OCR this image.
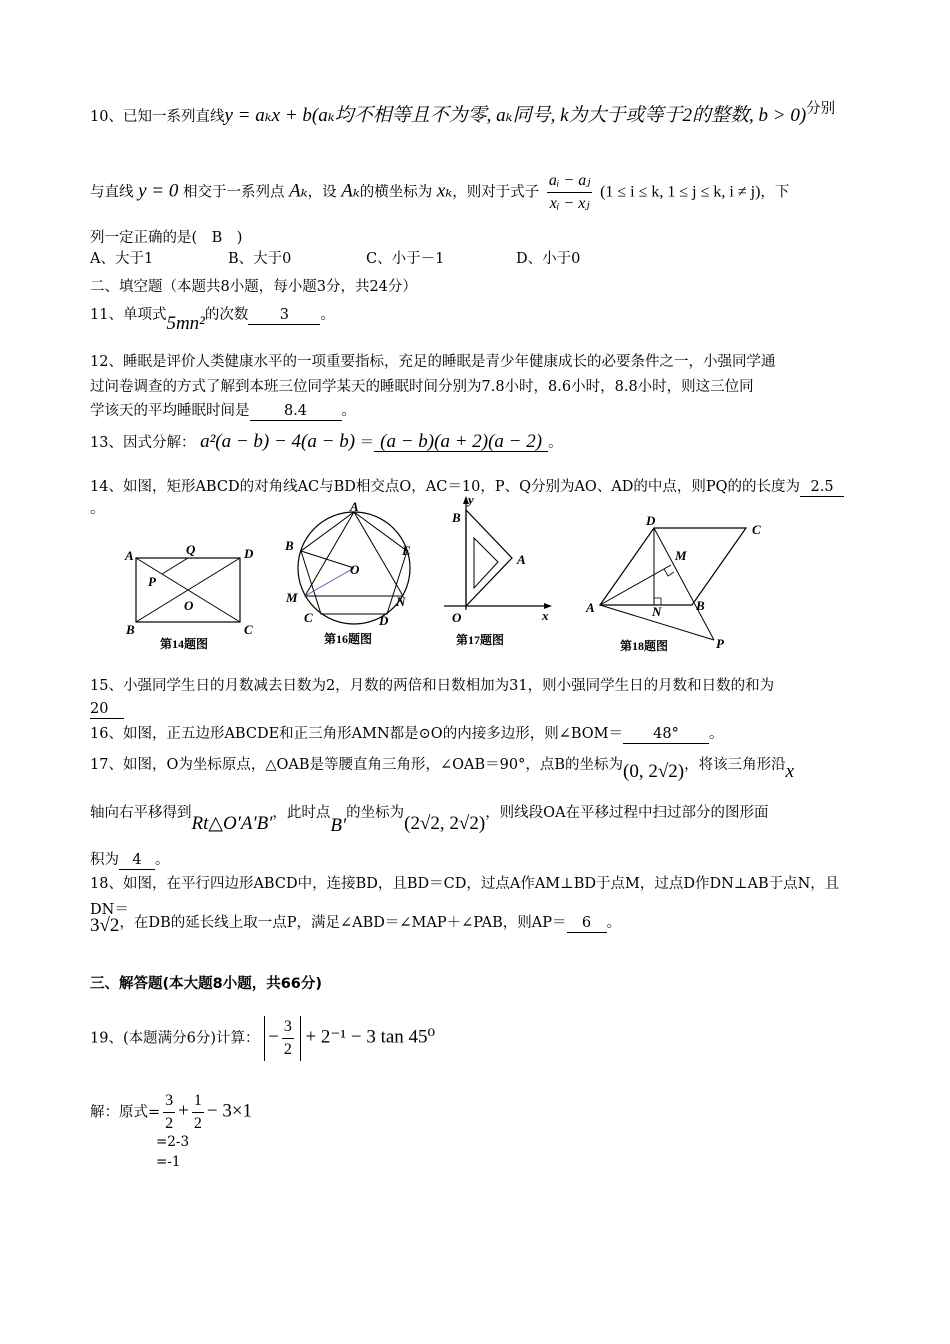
10、已知一系列直线y = aₖx + b(aₖ均不相等且不为零, aₖ同号, k为大于或等于2的整数, b > 0)分别
与直线 y = 0 相交于一系列点 Aₖ，设 Aₖ的横坐标为 xₖ，则对于式子 $\frac{\text{aᵢ − aⱼ}}{\text{xᵢ − xⱼ}} (1 \le i \le k$, 1 ≤ j ≤ k, i ≠ j)，下
列一定正确的是(　B　)
A、大于1	B、大于0	C、小于－1	D、小于0
二、填空题（本题共8小题，每小题3分，共24分）
11、单项式5mn²的次数 3 。
12、睡眠是评价人类健康水平的一项重要指标，充足的睡眠是青少年健康成长的必要条件之一，小强同学通
过问卷调查的方式了解到本班三位同学某天的睡眠时间分别为7.8小时，8.6小时，8.8小时，则这三位同
学该天的平均睡眠时间是 8.4 。
13、因式分解： a²(a − b) − 4(a − b) ＝ (a − b)(a + 2)(a − 2) 。
14、如图，矩形ABCD的对角线AC与BD相交点O，AC＝10，P、Q分别为AO、AD的中点，则PQ的的长度为 2.5
。
A	D
B	C
O
P
Q
第14题图
A
B	E
O
M	N
C	D
第16题图
y
B
A
O	x
第17题图
D
C
M
A	N	B
P
第18题图
15、小强同学生日的月数减去日数为2，月数的两倍和日数相加为31，则小强同学生日的月数和日数的和为
20
16、如图，正五边形ABCDE和正三角形AMN都是⊙O的内接多边形，则∠BOM＝ 48° 。
17、如图，O为坐标原点，△OAB是等腰直角三角形，∠OAB＝90°，点B的坐标为(0, 2√2)，将该三角形沿x
轴向右平移得到Rt△O′A′B′，此时点B′的坐标为(2√2, 2√2)，则线段OA在平移过程中扫过部分的图形面
积为 4 。
18、如图，在平行四边形ABCD中，连接BD，且BD＝CD，过点A作AM⊥BD于点M，过点D作DN⊥AB于点N，且
DN＝
3√2，在DB的延长线上取一点P，满足∠ABD＝∠MAP＋∠PAB，则AP＝ 6 。
三、解答题(本大题8小题，共66分)
19、(本题满分6分)计算： − $\frac{3}{2} + 2^{-1} - 3$ tan 45⁰
解：原式= $\frac{3}{2} + \frac{1}{2} - 3\times 1$
=2-3
=-1
